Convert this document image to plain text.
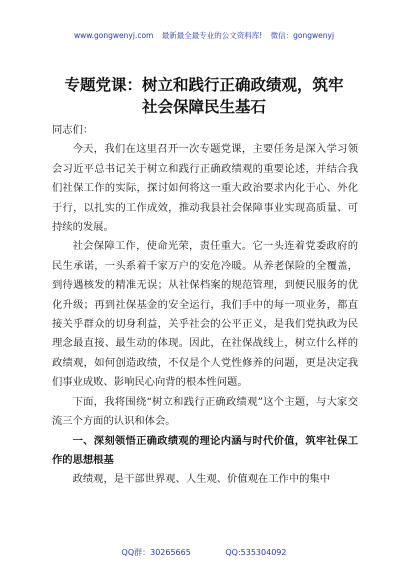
www.gongwenyj.com 最新最全最专业的公文资料库! 微信：gongwenyj
专题党课：树立和践行正确政绩观，筑牢
社会保障民生基石

同志们：

今天，我们在这里召开一次专题党课，主要任务是深入学习领会习近平总书记关于树立和践行正确政绩观的重要论述，并结合我们社保工作的实际，探讨如何将这一重大政治要求内化于心、外化于行，以扎实的工作成效，推动我县社会保障事业实现高质量、可持续的发展。

社会保障工作，使命光荣，责任重大。它一头连着党委政府的民生承诺，一头系着千家万户的安危冷暖。从养老保险的全覆盖，到待遇核发的精准无误；从社保档案的规范管理，到便民服务的优化升级；再到社保基金的安全运行，我们手中的每一项业务，都直接关乎群众的切身利益，关乎社会的公平正义，是我们党执政为民理念最直接、最生动的体现。因此，在社保战线上，树立什么样的政绩观，如何创造政绩，不仅是个人党性修养的问题，更是决定我们事业成败、影响民心向背的根本性问题。

下面，我将围绕“树立和践行正确政绩观”这个主题，与大家交流三个方面的认识和体会。

一、深刻领悟正确政绩观的理论内涵与时代价值，筑牢社保工作的思想根基

政绩观，是干部世界观、人生观、价值观在工作中的集中

QQ群：30265665	QQ:535304092
